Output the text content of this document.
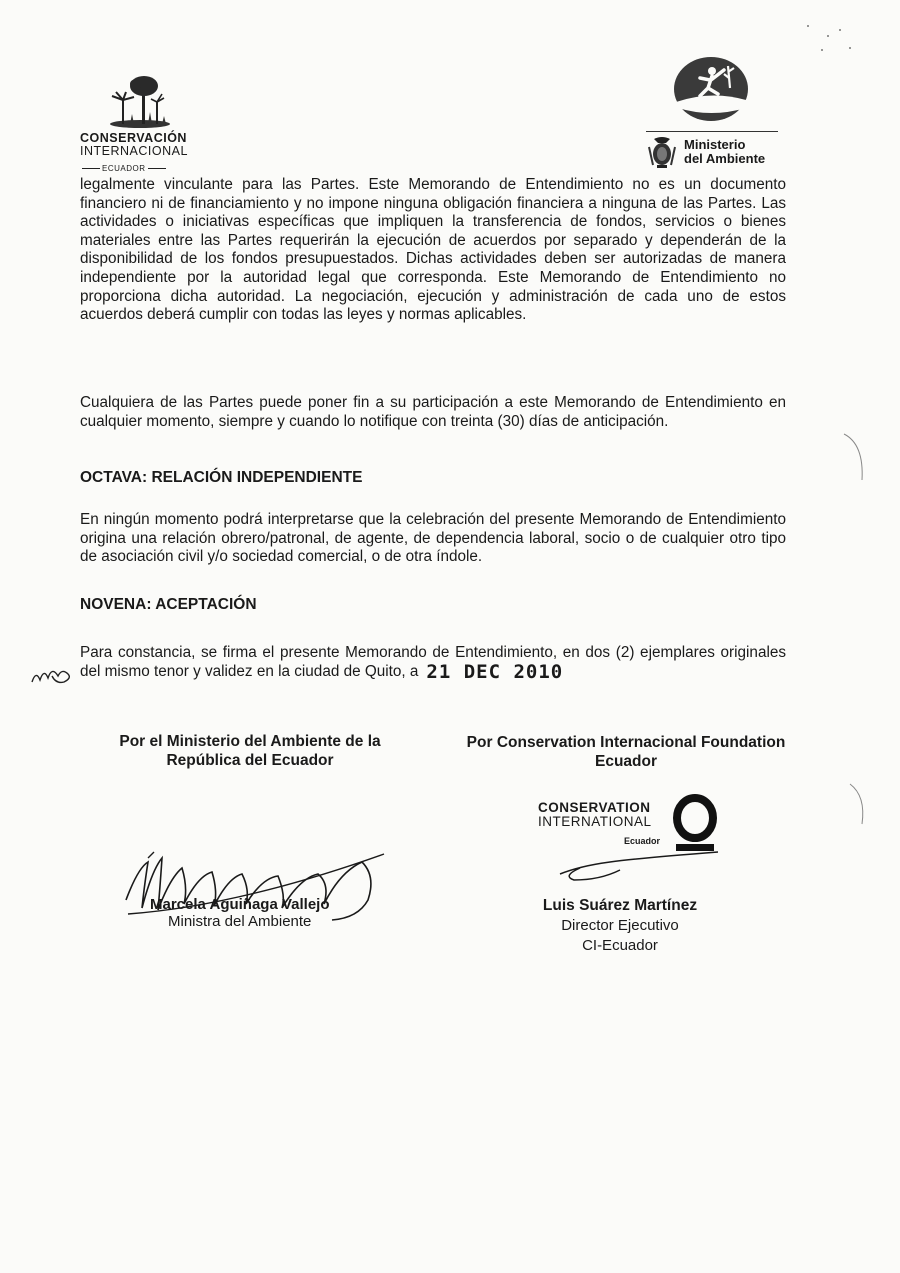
CONSERVACIÓN
INTERNACIONAL
ECUADOR
Ministerio
del Ambiente
legalmente vinculante para las Partes. Este Memorando de Entendimiento no es un documento financiero ni de financiamiento y no impone ninguna obligación financiera a ninguna de las Partes. Las actividades o iniciativas específicas que impliquen la transferencia de fondos, servicios o bienes materiales entre las Partes requerirán la ejecución de acuerdos por separado y dependerán de la disponibilidad de los fondos presupuestados. Dichas actividades deben ser autorizadas de manera independiente por la autoridad legal que corresponda. Este Memorando de Entendimiento no proporciona dicha autoridad. La negociación, ejecución y administración de cada uno de estos acuerdos deberá cumplir con todas las leyes y normas aplicables.
Cualquiera de las Partes puede poner fin a su participación a este Memorando de Entendimiento en cualquier momento, siempre y cuando lo notifique con treinta (30) días de anticipación.
OCTAVA: RELACIÓN INDEPENDIENTE
En ningún momento podrá interpretarse que la celebración del presente Memorando de Entendimiento origina una relación obrero/patronal, de agente, de dependencia laboral, socio o de cualquier otro tipo de asociación civil y/o sociedad comercial, o de otra índole.
NOVENA: ACEPTACIÓN
Para constancia, se firma el presente Memorando de Entendimiento, en dos (2) ejemplares originales del mismo tenor y validez en la ciudad de Quito, a 21 DEC 2010
Por el Ministerio del Ambiente de la
República del Ecuador
Por Conservation Internacional Foundation
Ecuador
CONSERVATION
INTERNATIONAL
Ecuador
Marcela Aguiñaga Vallejo
Ministra del Ambiente
Luis Suárez Martínez
Director Ejecutivo
CI-Ecuador
